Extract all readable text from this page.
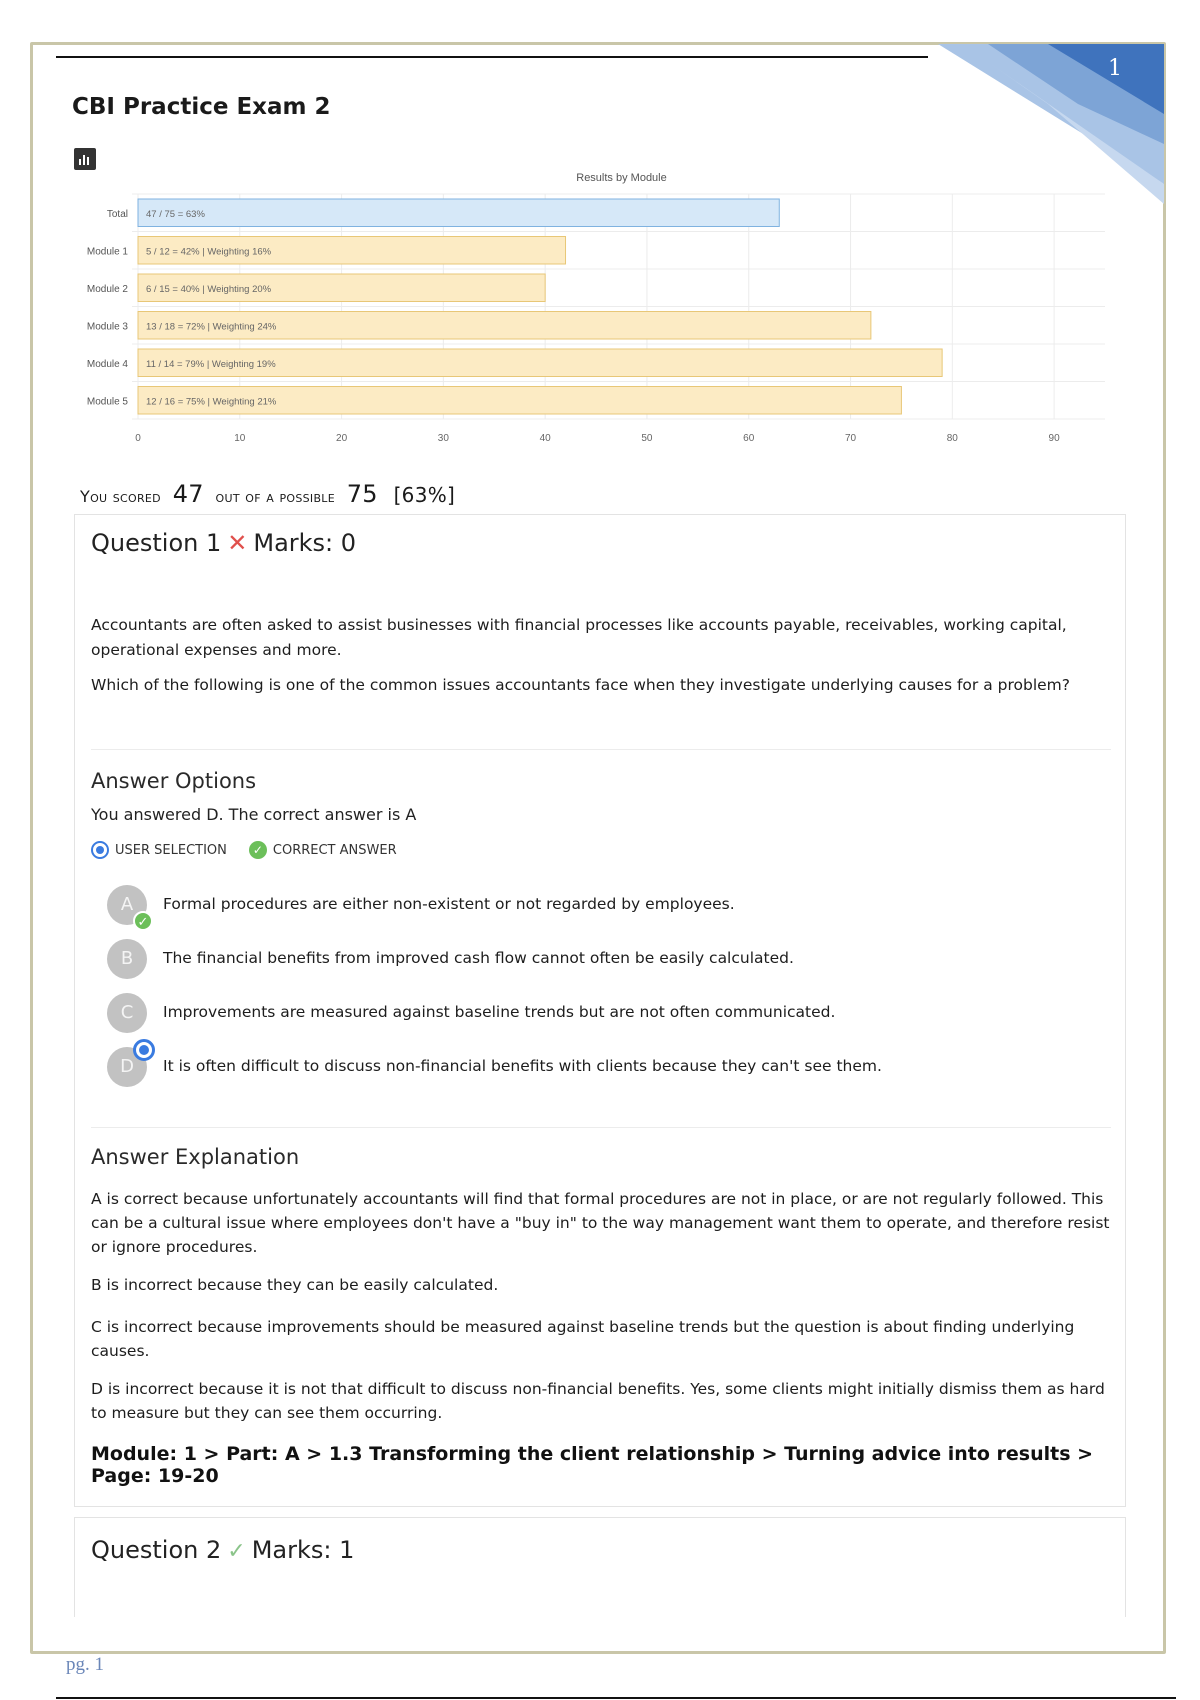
1
CBI Practice Exam 2
Results by Module
0	10	20	30	40	50	60	70	80	90
Total 47 / 75 = 63%
Module 1 5 / 12 = 42% | Weighting 16%
Module 2 6 / 15 = 40% | Weighting 20%
Module 3 13 / 18 = 72% | Weighting 24%
Module 4 11 / 14 = 79% | Weighting 19%
Module 5 12 / 16 = 75% | Weighting 21%
You scored 47 out of a possible 75 [63%]
Question 1 ✕ Marks: 0
Accountants are often asked to assist businesses with financial processes like accounts payable, receivables, working capital, operational expenses and more.
Which of the following is one of the common issues accountants face when they investigate underlying causes for a problem?
Answer Options
You answered D. The correct answer is A
USER SELECTION	✓ CORRECT ANSWER
A
✓
Formal procedures are either non-existent or not regarded by employees.
B	The financial benefits from improved cash flow cannot often be easily calculated.
C	Improvements are measured against baseline trends but are not often communicated.
D	It is often difficult to discuss non-financial benefits with clients because they can't see them.
Answer Explanation
A is correct because unfortunately accountants will find that formal procedures are not in place, or are not regularly followed. This can be a cultural issue where employees don't have a "buy in" to the way management want them to operate, and therefore resist or ignore procedures.
B is incorrect because they can be easily calculated.
C is incorrect because improvements should be measured against baseline trends but the question is about finding underlying causes.
D is incorrect because it is not that difficult to discuss non-financial benefits. Yes, some clients might initially dismiss them as hard to measure but they can see them occurring.
Module: 1 > Part: A > 1.3 Transforming the client relationship > Turning advice into results > Page: 19-20
Question 2 ✓ Marks: 1
pg. 1
